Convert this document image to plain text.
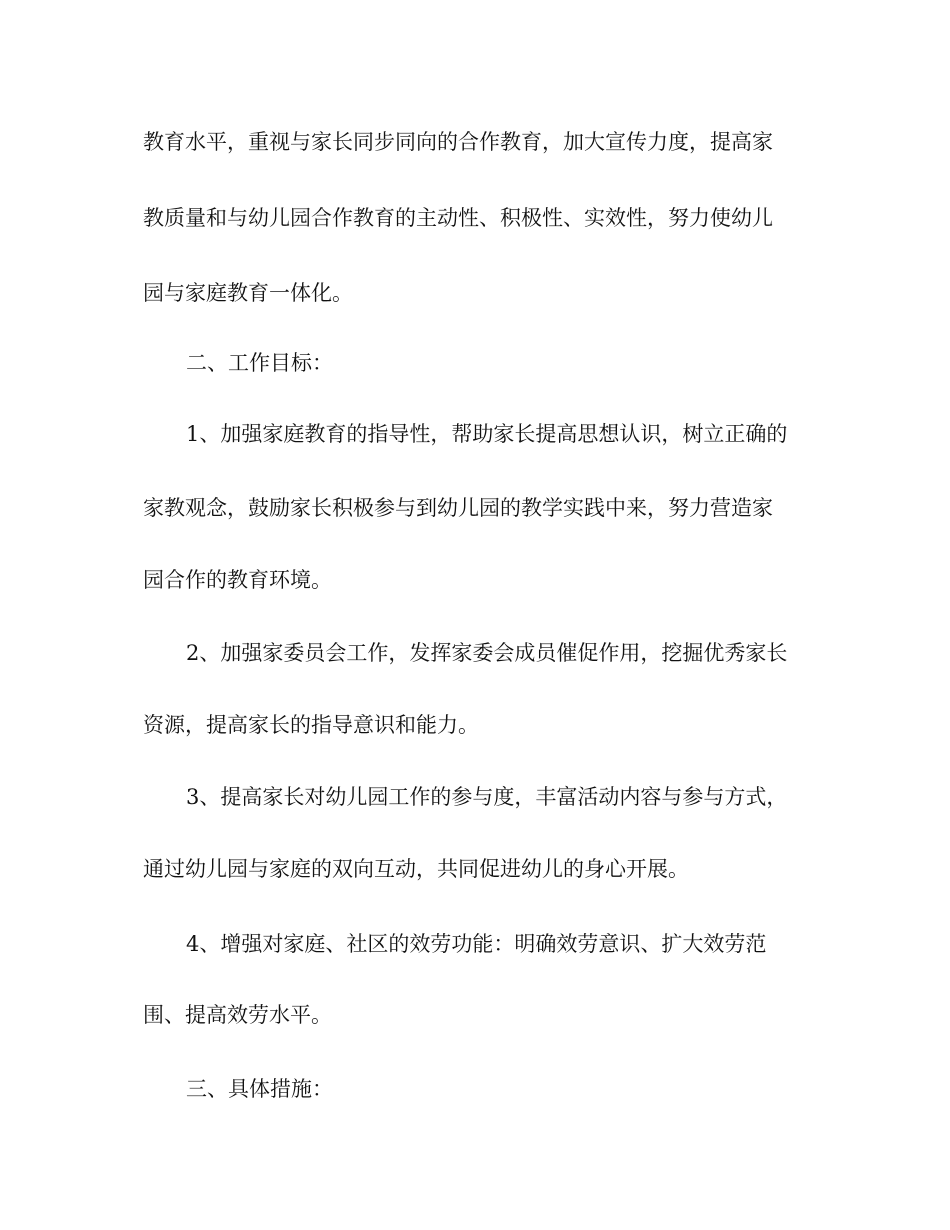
教育水平，重视与家长同步同向的合作教育，加大宣传力度，提高家
教质量和与幼儿园合作教育的主动性、积极性、实效性，努力使幼儿
园与家庭教育一体化。
二、工作目标：
1、加强家庭教育的指导性，帮助家长提高思想认识，树立正确的
家教观念，鼓励家长积极参与到幼儿园的教学实践中来，努力营造家
园合作的教育环境。
2、加强家委员会工作，发挥家委会成员催促作用，挖掘优秀家长
资源，提高家长的指导意识和能力。
3、提高家长对幼儿园工作的参与度，丰富活动内容与参与方式，
通过幼儿园与家庭的双向互动，共同促进幼儿的身心开展。
4、增强对家庭、社区的效劳功能：明确效劳意识、扩大效劳范
围、提高效劳水平。
三、具体措施：
